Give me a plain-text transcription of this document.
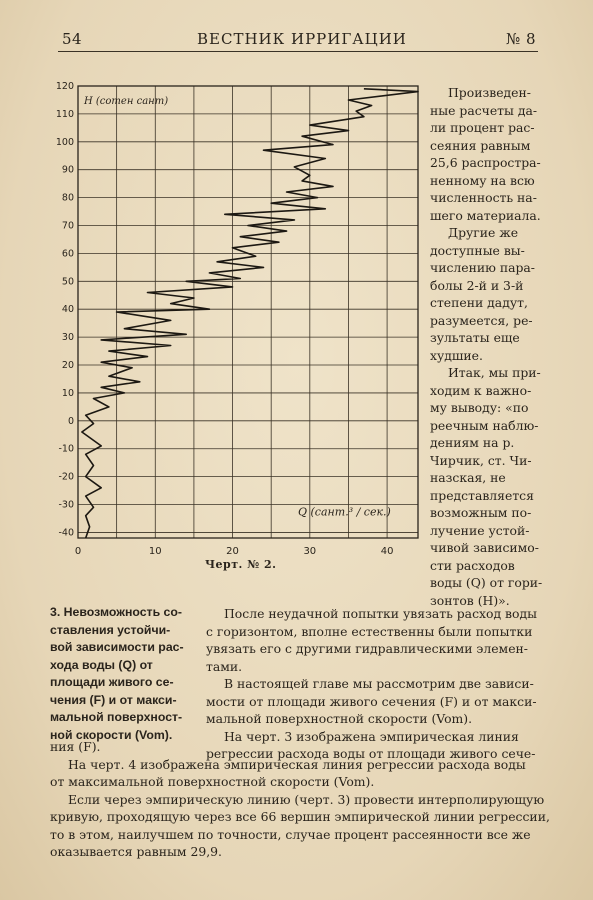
54	ВЕСТНИК ИРРИГАЦИИ	№ 8
120
110
100
90
80
70
60
50
40
30
20
10
0
-10
-20
-30
-40
0	10	20	30	40
H (сотен сант)
Q (сант.³ / сек.)
Черт. № 2.
Произведен-
ные расчеты да-
ли процент рас-
сеяния равным
25,6 распростра-
ненному на всю
численность на-
шего материала.
Другие же
доступные вы-
числению пара-
болы 2-й и 3-й
степени дадут,
разумеется, ре-
зультаты еще
худшие.
Итак, мы при-
ходим к важно-
му выводу: «по
реечным наблю-
дениям на р.
Чирчик, ст. Чи-
назская, не
представляется
возможным по-
лучение устой-
чивой зависимо-
сти расходов
воды (Q) от гори-
зонтов (H)».
3. Невозможность со-
ставления устойчи-
вой зависимости рас-
хода воды (Q) от
площади живого се-
чения (F) и от макси-
мальной поверхност-
ной скорости (Vom).
После неудачной попытки увязать расход воды
с горизонтом, вполне естественны были попытки
увязать его с другими гидравлическими элемен-
тами.
В настоящей главе мы рассмотрим две зависи-
мости от площади живого сечения (F) и от макси-
мальной поверхностной скорости (Vom).
На черт. 3 изображена эмпирическая линия
регрессии расхода воды от площади живого сече-
ния (F).
На черт. 4 изображена эмпирическая линия регрессии расхода воды
от максимальной поверхностной скорости (Vom).
Если через эмпирическую линию (черт. 3) провести интерполирующую
кривую, проходящую через все 66 вершин эмпирической линии регрессии,
то в этом, наилучшем по точности, случае процент рассеянности все же
оказывается равным 29,9.
